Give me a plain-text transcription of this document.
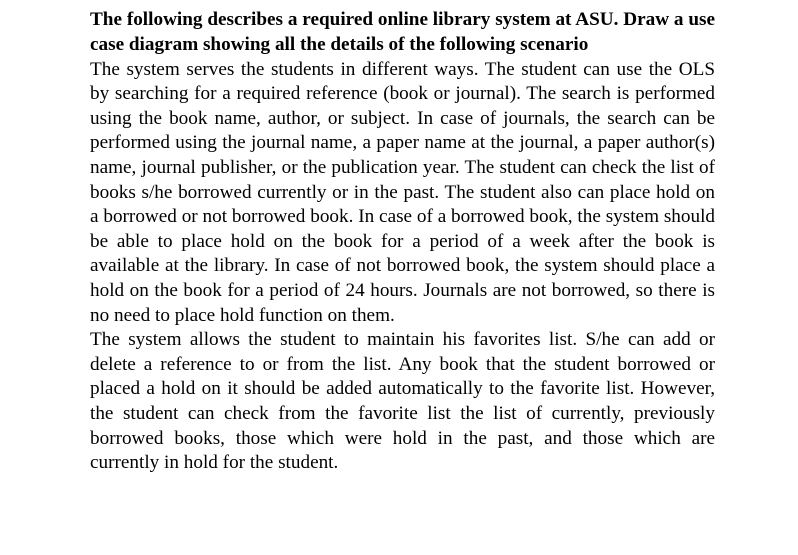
The following describes a required online library system at ASU. Draw a use case diagram showing all the details of the following scenario

The system serves the students in different ways. The student can use the OLS by searching for a required reference (book or journal). The search is performed using the book name, author, or subject. In case of journals, the search can be performed using the journal name, a paper name at the journal, a paper author(s) name, journal publisher, or the publication year. The student can check the list of books s/he borrowed currently or in the past. The student also can place hold on a borrowed or not borrowed book. In case of a borrowed book, the system should be able to place hold on the book for a period of a week after the book is available at the library. In case of not borrowed book, the system should place a hold on the book for a period of 24 hours. Journals are not borrowed, so there is no need to place hold function on them.

The system allows the student to maintain his favorites list. S/he can add or delete a reference to or from the list. Any book that the student borrowed or placed a hold on it should be added automatically to the favorite list. However, the student can check from the favorite list the list of currently, previously borrowed books, those which were hold in the past, and those which are currently in hold for the student.
